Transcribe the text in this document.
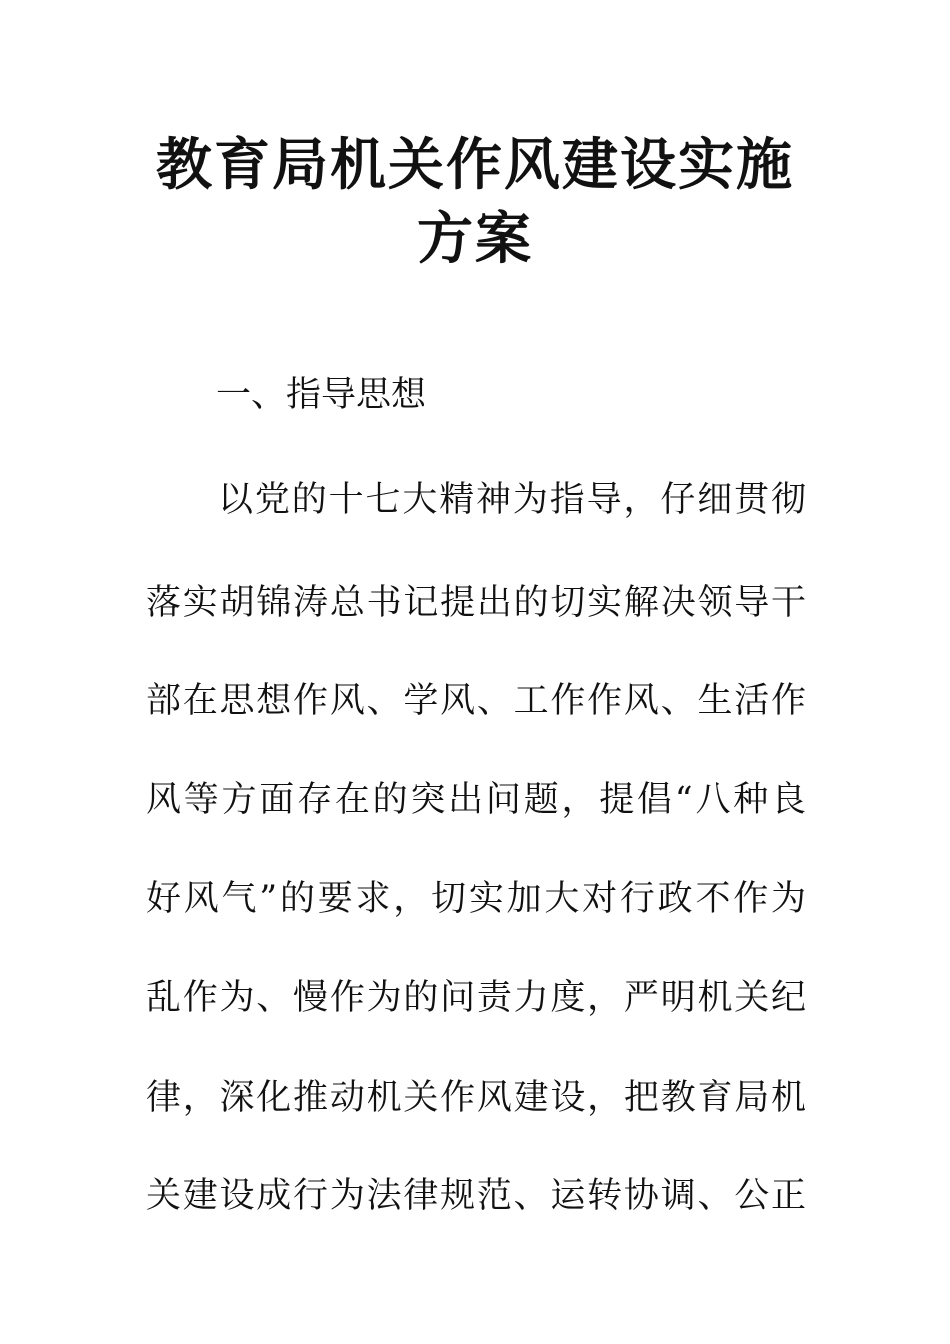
教育局机关作风建设实施
方案
一、指导思想
以党的十七大精神为指导，仔细贯彻
落实胡锦涛总书记提出的切实解决领导干
部在思想作风、学风、工作作风、生活作
风等方面存在的突出问题，提倡“八种良
好风气”的要求，切实加大对行政不作为
乱作为、慢作为的问责力度，严明机关纪
律，深化推动机关作风建设，把教育局机
关建设成行为法律规范、运转协调、公正
